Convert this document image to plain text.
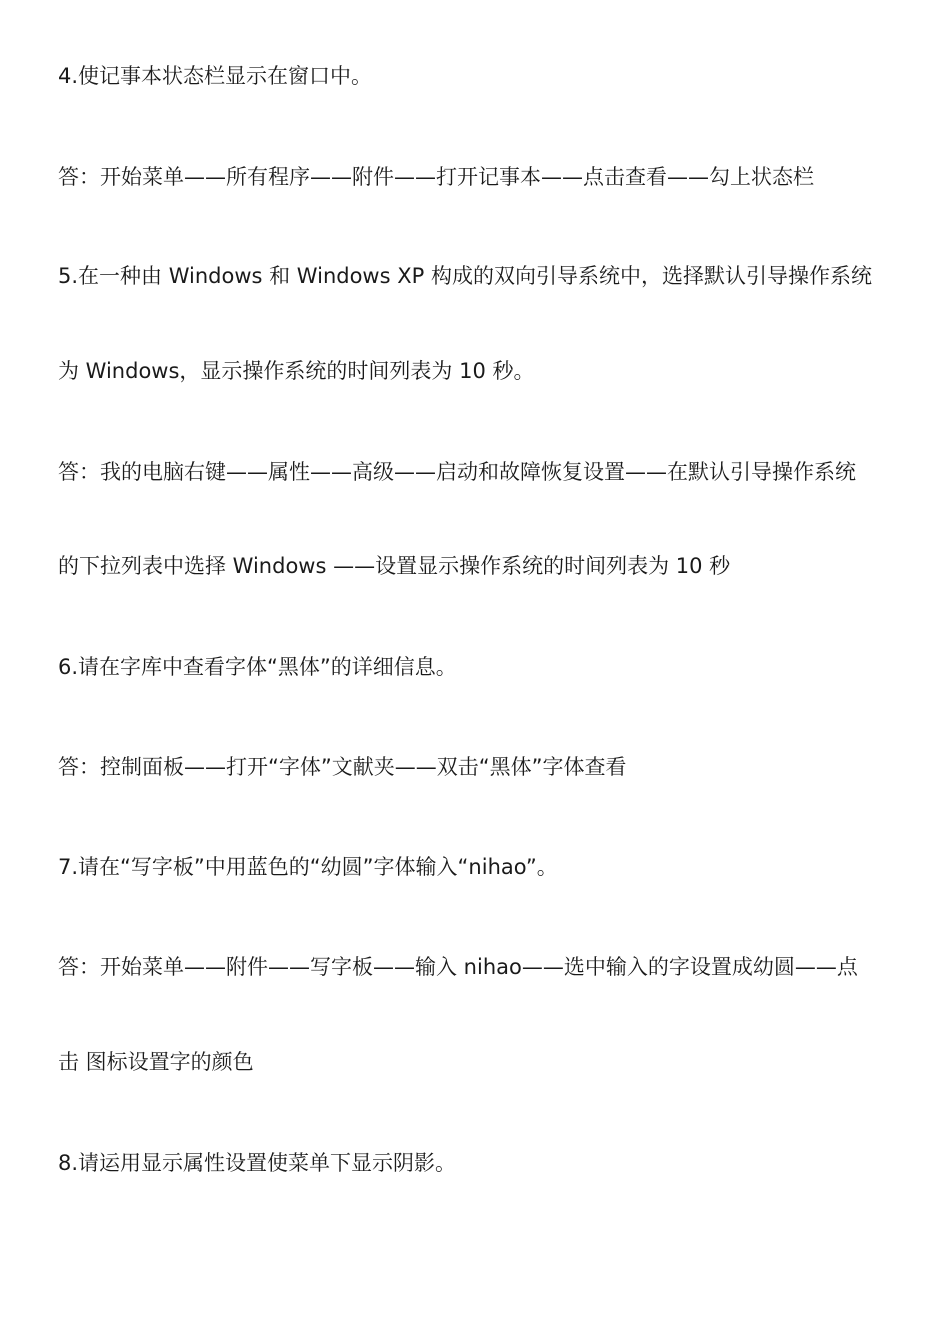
4.使记事本状态栏显示在窗口中。

答：开始菜单——所有程序——附件——打开记事本——点击查看——勾上状态栏

5.在一种由 Windows 和 Windows XP 构成的双向引导系统中，选择默认引导操作系统

为 Windows，显示操作系统的时间列表为 10 秒。

答：我的电脑右键——属性——高级——启动和故障恢复设置——在默认引导操作系统

的下拉列表中选择 Windows ——设置显示操作系统的时间列表为 10 秒

6.请在字库中查看字体“黑体”的详细信息。

答：控制面板——打开“字体”文献夹——双击“黑体”字体查看

7.请在“写字板”中用蓝色的“幼圆”字体输入“nihao”。

答：开始菜单——附件——写字板——输入 nihao——选中输入的字设置成幼圆——点

击 图标设置字的颜色

8.请运用显示属性设置使菜单下显示阴影。
